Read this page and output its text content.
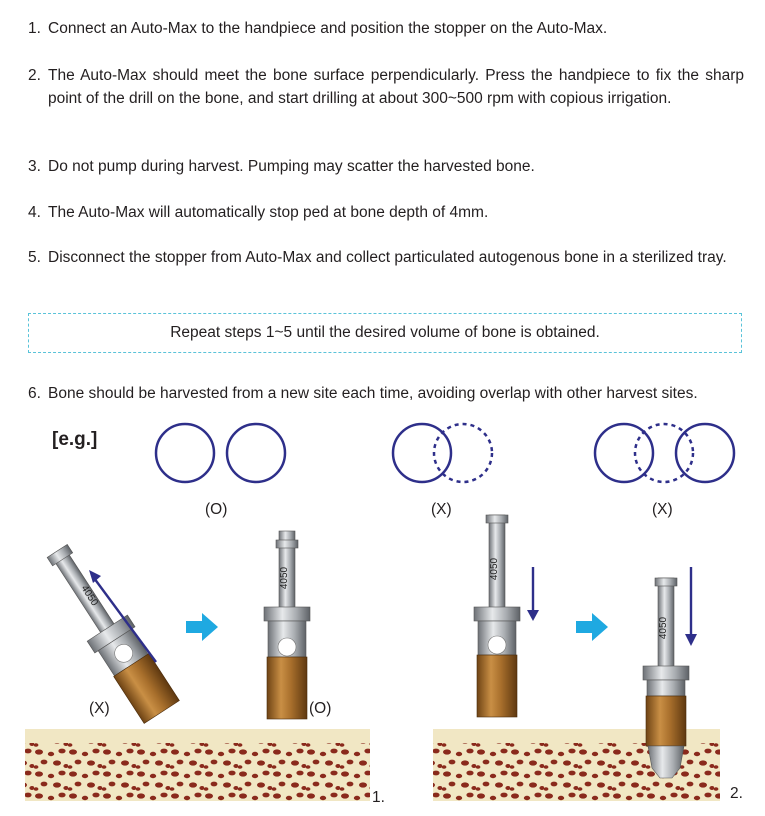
1. Connect an Auto-Max to the handpiece and position the stopper on the Auto-Max.
2. The Auto-Max should meet the bone surface perpendicularly. Press the handpiece to fix the sharp point of the drill on the bone, and start drilling at about 300~500 rpm with copious irrigation.
3. Do not pump during harvest. Pumping may scatter the harvested bone.
4. The Auto-Max will automatically stop ped at bone depth of 4mm.
5. Disconnect the stopper from Auto-Max and collect particulated autogenous bone in a sterilized tray.
Repeat steps 1~5 until the desired volume of bone is obtained.
6. Bone should be harvested from a new site each time, avoiding overlap with other harvest sites.
[e.g.]
4050
4050	4050
4050
(O)	(X)	(X)
(X)	(O)
1.	2.
